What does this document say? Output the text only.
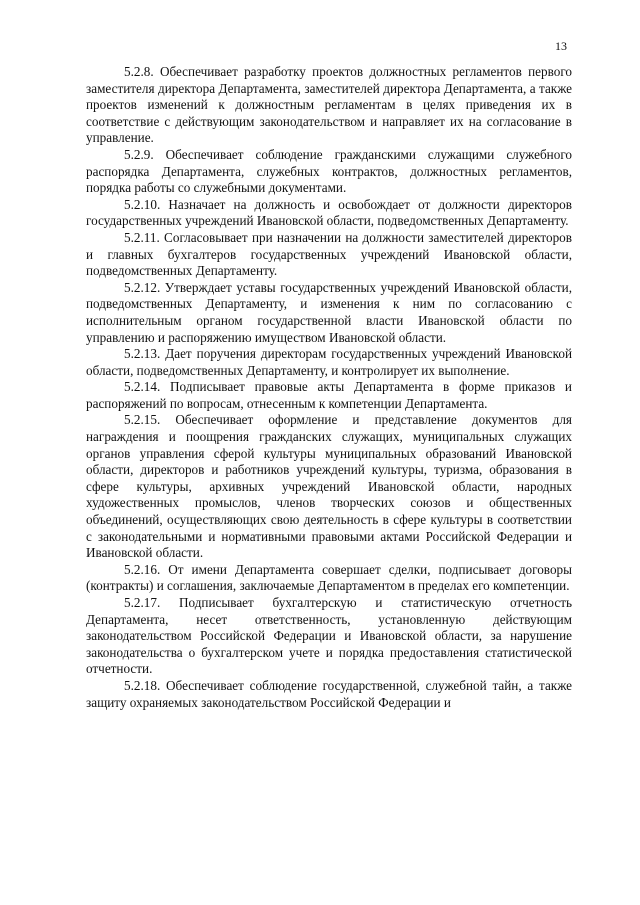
13

5.2.8. Обеспечивает разработку проектов должностных регламентов первого заместителя директора Департамента, заместителей директора Департамента, а также проектов изменений к должностным регламентам в целях приведения их в соответствие с действующим законодательством и направляет их на согласование в управление.

5.2.9. Обеспечивает соблюдение гражданскими служащими служебного распорядка Департамента, служебных контрактов, должностных регламентов, порядка работы со служебными документами.

5.2.10. Назначает на должность и освобождает от должности директоров государственных учреждений Ивановской области, подведомственных Департаменту.

5.2.11. Согласовывает при назначении на должности заместителей директоров и главных бухгалтеров государственных учреждений Ивановской области, подведомственных Департаменту.

5.2.12. Утверждает уставы государственных учреждений Ивановской области, подведомственных Департаменту, и изменения к ним по согласованию с исполнительным органом государственной власти Ивановской области по управлению и распоряжению имуществом Ивановской области.

5.2.13. Дает поручения директорам государственных учреждений Ивановской области, подведомственных Департаменту, и контролирует их выполнение.

5.2.14. Подписывает правовые акты Департамента в форме приказов и распоряжений по вопросам, отнесенным к компетенции Департамента.

5.2.15. Обеспечивает оформление и представление документов для награждения и поощрения гражданских служащих, муниципальных служащих органов управления сферой культуры муниципальных образований Ивановской области, директоров и работников учреждений культуры, туризма, образования в сфере культуры, архивных учреждений Ивановской области, народных художественных промыслов, членов творческих союзов и общественных объединений, осуществляющих свою деятельность в сфере культуры в соответствии с законодательными и нормативными правовыми актами Российской Федерации и Ивановской области.

5.2.16. От имени Департамента совершает сделки, подписывает договоры (контракты) и соглашения, заключаемые Департаментом в пределах его компетенции.

5.2.17. Подписывает бухгалтерскую и статистическую отчетность Департамента, несет ответственность, установленную действующим законодательством Российской Федерации и Ивановской области, за нарушение законодательства о бухгалтерском учете и порядка предоставления статистической отчетности.

5.2.18. Обеспечивает соблюдение государственной, служебной тайн, а также защиту охраняемых законодательством Российской Федерации и
